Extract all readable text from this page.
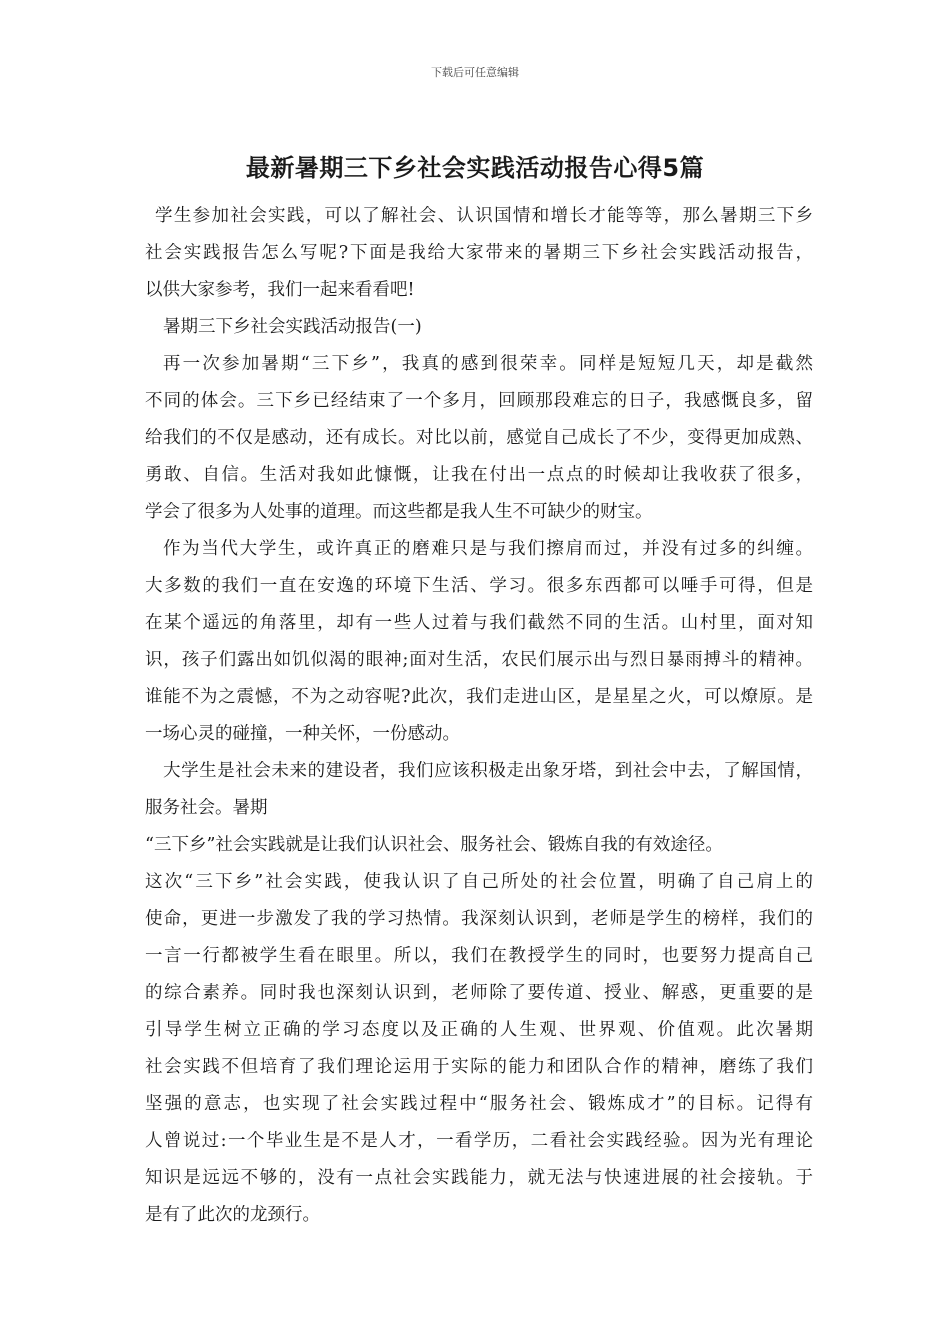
下载后可任意编辑
最新暑期三下乡社会实践活动报告心得5篇
学生参加社会实践，可以了解社会、认识国情和增长才能等等，那么暑期三下乡
社会实践报告怎么写呢?下面是我给大家带来的暑期三下乡社会实践活动报告，
以供大家参考，我们一起来看看吧!
暑期三下乡社会实践活动报告(一)
再一次参加暑期“三下乡”，我真的感到很荣幸。同样是短短几天，却是截然
不同的体会。三下乡已经结束了一个多月，回顾那段难忘的日子，我感慨良多，留
给我们的不仅是感动，还有成长。对比以前，感觉自己成长了不少，变得更加成熟、
勇敢、自信。生活对我如此慷慨，让我在付出一点点的时候却让我收获了很多，
学会了很多为人处事的道理。而这些都是我人生不可缺少的财宝。
作为当代大学生，或许真正的磨难只是与我们擦肩而过，并没有过多的纠缠。
大多数的我们一直在安逸的环境下生活、学习。很多东西都可以唾手可得，但是
在某个遥远的角落里，却有一些人过着与我们截然不同的生活。山村里，面对知
识，孩子们露出如饥似渴的眼神;面对生活，农民们展示出与烈日暴雨搏斗的精神。
谁能不为之震憾，不为之动容呢?此次，我们走进山区，是星星之火，可以燎原。是
一场心灵的碰撞，一种关怀，一份感动。
大学生是社会未来的建设者，我们应该积极走出象牙塔，到社会中去，了解国情，
服务社会。暑期
“三下乡”社会实践就是让我们认识社会、服务社会、锻炼自我的有效途径。
这次“三下乡”社会实践，使我认识了自己所处的社会位置，明确了自己肩上的
使命，更进一步激发了我的学习热情。我深刻认识到，老师是学生的榜样，我们的
一言一行都被学生看在眼里。所以，我们在教授学生的同时，也要努力提高自己
的综合素养。同时我也深刻认识到，老师除了要传道、授业、解惑，更重要的是
引导学生树立正确的学习态度以及正确的人生观、世界观、价值观。此次暑期
社会实践不但培育了我们理论运用于实际的能力和团队合作的精神，磨练了我们
坚强的意志，也实现了社会实践过程中“服务社会、锻炼成才”的目标。记得有
人曾说过:一个毕业生是不是人才，一看学历，二看社会实践经验。因为光有理论
知识是远远不够的，没有一点社会实践能力，就无法与快速进展的社会接轨。于
是有了此次的龙颈行。
